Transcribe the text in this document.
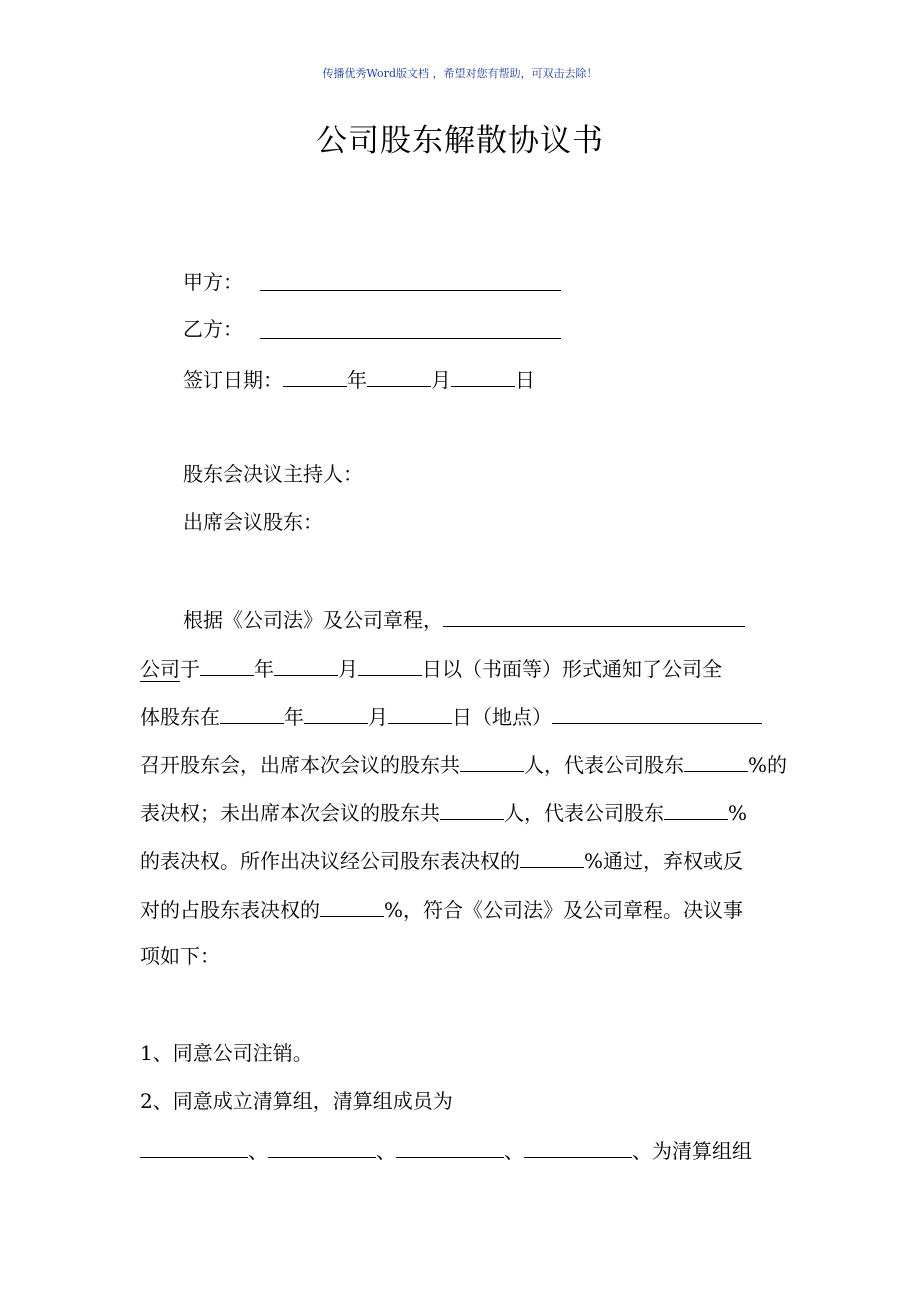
传播优秀Word版文档 ，希望对您有帮助，可双击去除！
公司股东解散协议书
甲方：
乙方：
签订日期：	年	月	日
股东会决议主持人：
出席会议股东：
根据《公司法》及公司章程，
公司于	年	月	日以（书面等）形式通知了公司全
体股东在	年	月	日（地点）
召开股东会，出席本次会议的股东共	人，代表公司股东	%的
表决权；未出席本次会议的股东共	人，代表公司股东	%
的表决权。所作出决议经公司股东表决权的	%通过，弃权或反
对的占股东表决权的	%，符合《公司法》及公司章程。决议事
项如下：
1、同意公司注销。
2、同意成立清算组，清算组成员为
、	、	、	、为清算组组
